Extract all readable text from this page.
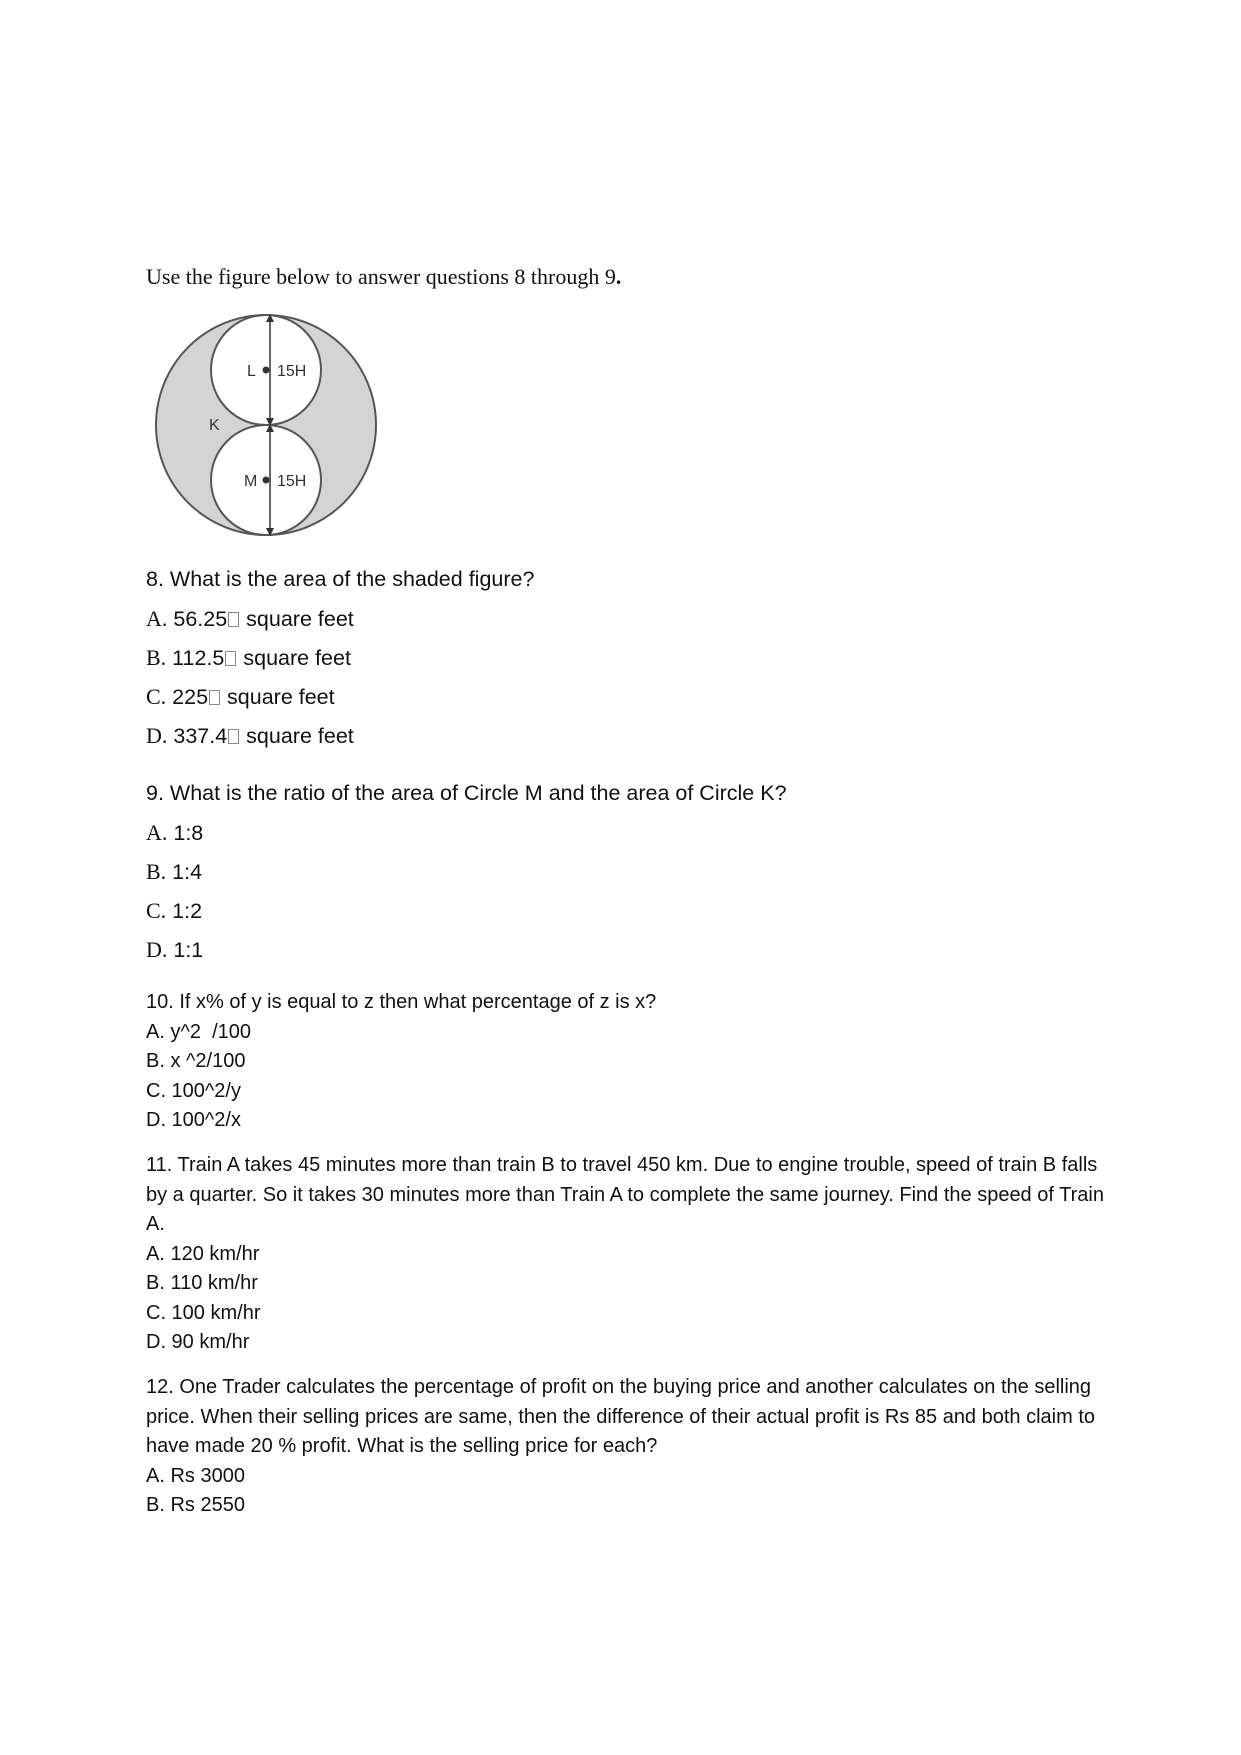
Use the figure below to answer questions 8 through 9.
L
M
K
15H
15H
8. What is the area of the shaded figure?
A. 56.25 square feet
B. 112.5 square feet
C. 225 square feet
D. 337.4 square feet
9. What is the ratio of the area of Circle M and the area of Circle K?
A. 1:8
B. 1:4
C. 1:2
D. 1:1
10. If x% of y is equal to z then what percentage of z is x?
A. y^2  /100
B. x ^2/100
C. 100^2/y
D. 100^2/x
11. Train A takes 45 minutes more than train B to travel 450 km. Due to engine trouble, speed of train B falls by a quarter. So it takes 30 minutes more than Train A to complete the same journey. Find the speed of Train A.
A. 120 km/hr
B. 110 km/hr
C. 100 km/hr
D. 90 km/hr
12. One Trader calculates the percentage of profit on the buying price and another calculates on the selling price. When their selling prices are same, then the difference of their actual profit is Rs 85 and both claim to have made 20 % profit. What is the selling price for each?
A. Rs 3000
B. Rs 2550
